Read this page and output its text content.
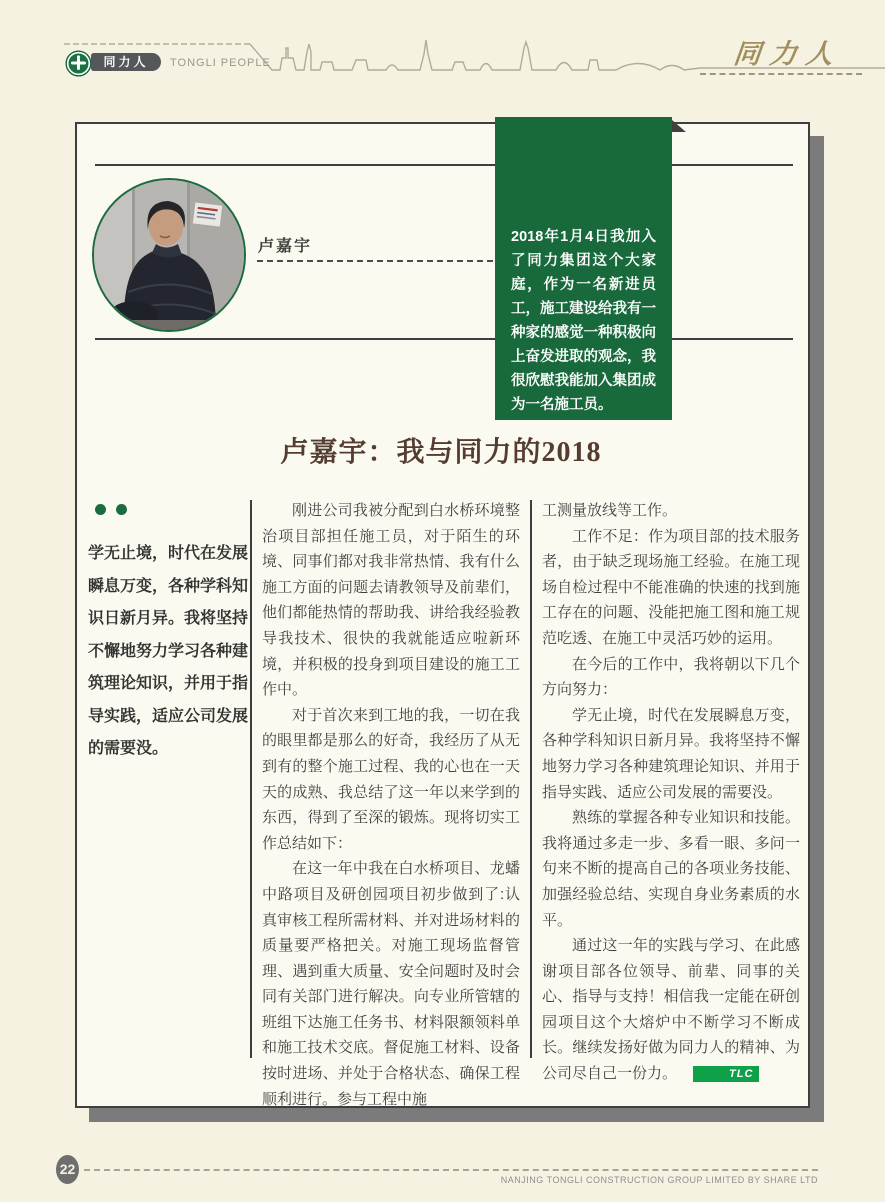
同力人	TONGLI PEOPLE	同力人
卢嘉宇
2018年1月4日我加入了同力集团这个大家庭，作为一名新进员工，施工建设给我有一种家的感觉一种积极向上奋发进取的观念，我很欣慰我能加入集团成为一名施工员。
卢嘉宇：我与同力的2018
学无止境，时代在发展瞬息万变，各种学科知识日新月异。我将坚持不懈地努力学习各种建筑理论知识，并用于指导实践，适应公司发展的需要没。

刚进公司我被分配到白水桥环境整治项目部担任施工员，对于陌生的环境、同事们都对我非常热情、我有什么施工方面的问题去请教领导及前辈们，他们都能热情的帮助我、讲给我经验教导我技术、很快的我就能适应啦新环境，并积极的投身到项目建设的施工工作中。

对于首次来到工地的我，一切在我的眼里都是那么的好奇，我经历了从无到有的整个施工过程、我的心也在一天天的成熟、我总结了这一年以来学到的东西，得到了至深的锻炼。现将切实工作总结如下：

在这一年中我在白水桥项目、龙蟠中路项目及研创园项目初步做到了:认真审核工程所需材料、并对进场材料的质量要严格把关。对施工现场监督管理、遇到重大质量、安全问题时及时会同有关部门进行解决。向专业所管辖的班组下达施工任务书、材料限额领料单和施工技术交底。督促施工材料、设备按时进场、并处于合格状态、确保工程顺利进行。参与工程中施

工测量放线等工作。

工作不足：作为项目部的技术服务者，由于缺乏现场施工经验。在施工现场自检过程中不能准确的快速的找到施工存在的问题、没能把施工图和施工规范吃透、在施工中灵活巧妙的运用。

在今后的工作中，我将朝以下几个方向努力：

学无止境，时代在发展瞬息万变，各种学科知识日新月异。我将坚持不懈地努力学习各种建筑理论知识、并用于指导实践、适应公司发展的需要没。

熟练的掌握各种专业知识和技能。我将通过多走一步、多看一眼、多问一句来不断的提高自己的各项业务技能、加强经验总结、实现自身业务素质的水平。

通过这一年的实践与学习、在此感谢项目部各位领导、前辈、同事的关心、指导与支持！相信我一定能在研创园项目这个大熔炉中不断学习不断成长。继续发扬好做为同力人的精神、为公司尽自己一份力。	TLC

22
NANJING TONGLI CONSTRUCTION GROUP LIMITED BY SHARE LTD
